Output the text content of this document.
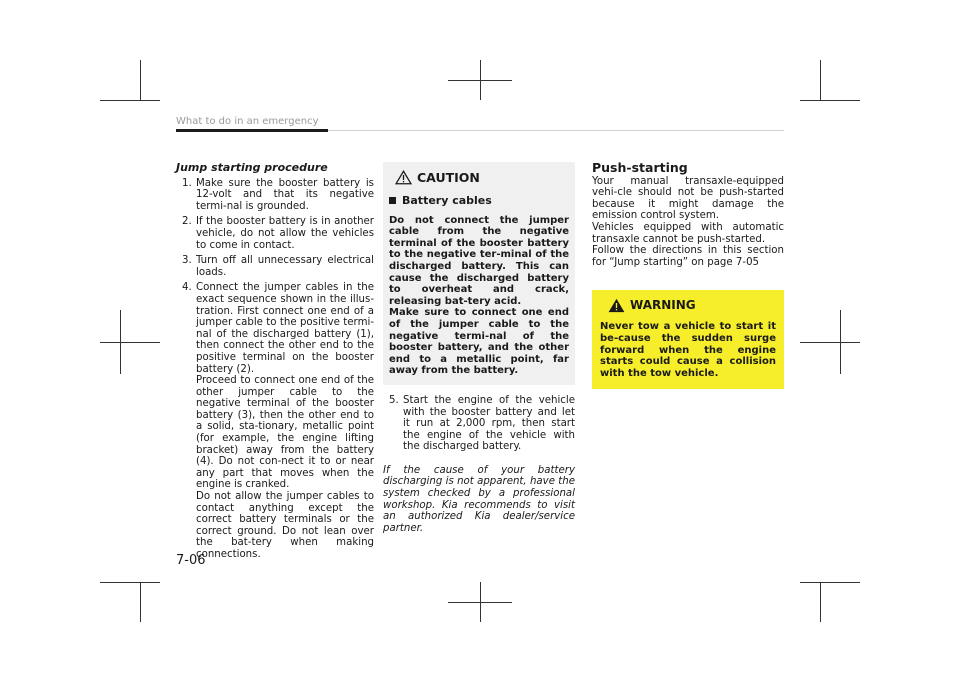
What to do in an emergency
Jump starting procedure
1. Make sure the booster battery is 12-volt and that its negative termi-nal is grounded.
2. If the booster battery is in another vehicle, do not allow the vehicles to come in contact.
3. Turn off all unnecessary electrical loads.
4. Connect the jumper cables in the exact sequence shown in the illus-tration. First connect one end of a jumper cable to the positive termi-nal of the discharged battery (1), then connect the other end to the positive terminal on the booster battery (2).
Proceed to connect one end of the other jumper cable to the negative terminal of the booster battery (3), then the other end to a solid, sta-tionary, metallic point (for example, the engine lifting bracket) away from the battery (4). Do not con-nect it to or near any part that moves when the engine is cranked.
Do not allow the jumper cables to contact anything except the correct battery terminals or the correct ground. Do not lean over the bat-tery when making connections.
CAUTION
Battery cables
Do not connect the jumper cable from the negative terminal of the booster battery to the negative ter-minal of the discharged battery. This can cause the discharged battery to overheat and crack, releasing bat-tery acid.
Make sure to connect one end of the jumper cable to the negative termi-nal of the booster battery, and the other end to a metallic point, far away from the battery.
5. Start the engine of the vehicle with the booster battery and let it run at 2,000 rpm, then start the engine of the vehicle with the discharged battery.
If the cause of your battery discharging is not apparent, have the system checked by a professional workshop. Kia recommends to visit an authorized Kia dealer/service partner.
Push-starting
Your manual transaxle-equipped vehi-cle should not be push-started because it might damage the emission control system.
Vehicles equipped with automatic transaxle cannot be push-started.
Follow the directions in this section for “Jump starting” on page 7-05
WARNING
Never tow a vehicle to start it be-cause the sudden surge forward when the engine starts could cause a collision with the tow vehicle.
7-06
